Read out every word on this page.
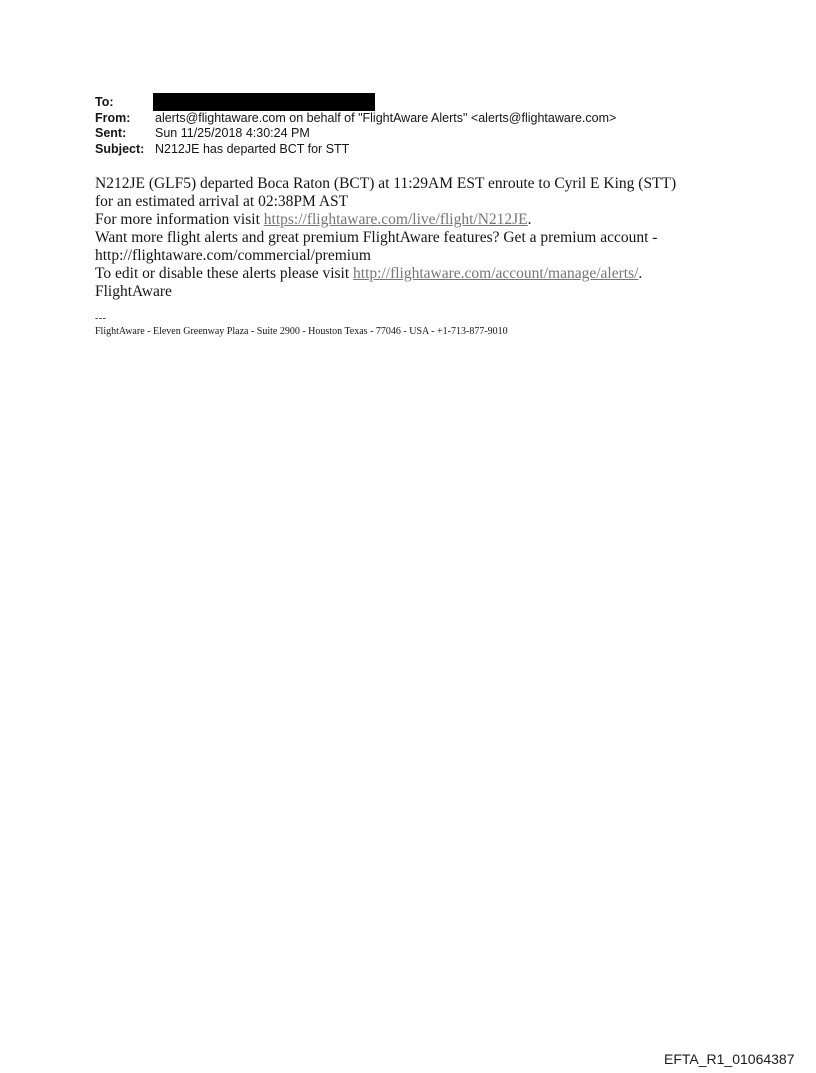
To:
From:	alerts@flightaware.com on behalf of "FlightAware Alerts" <alerts@flightaware.com>
Sent:	Sun 11/25/2018 4:30:24 PM
Subject: N212JE has departed BCT for STT

N212JE (GLF5) departed Boca Raton (BCT) at 11:29AM EST enroute to Cyril E King (STT)
for an estimated arrival at 02:38PM AST

For more information visit https://flightaware.com/live/flight/N212JE.

Want more flight alerts and great premium FlightAware features? Get a premium account -
http://flightaware.com/commercial/premium

To edit or disable these alerts please visit http://flightaware.com/account/manage/alerts/.

FlightAware

---
FlightAware - Eleven Greenway Plaza - Suite 2900 - Houston Texas - 77046 - USA - +1-713-877-9010
EFTA_R1_01064387
